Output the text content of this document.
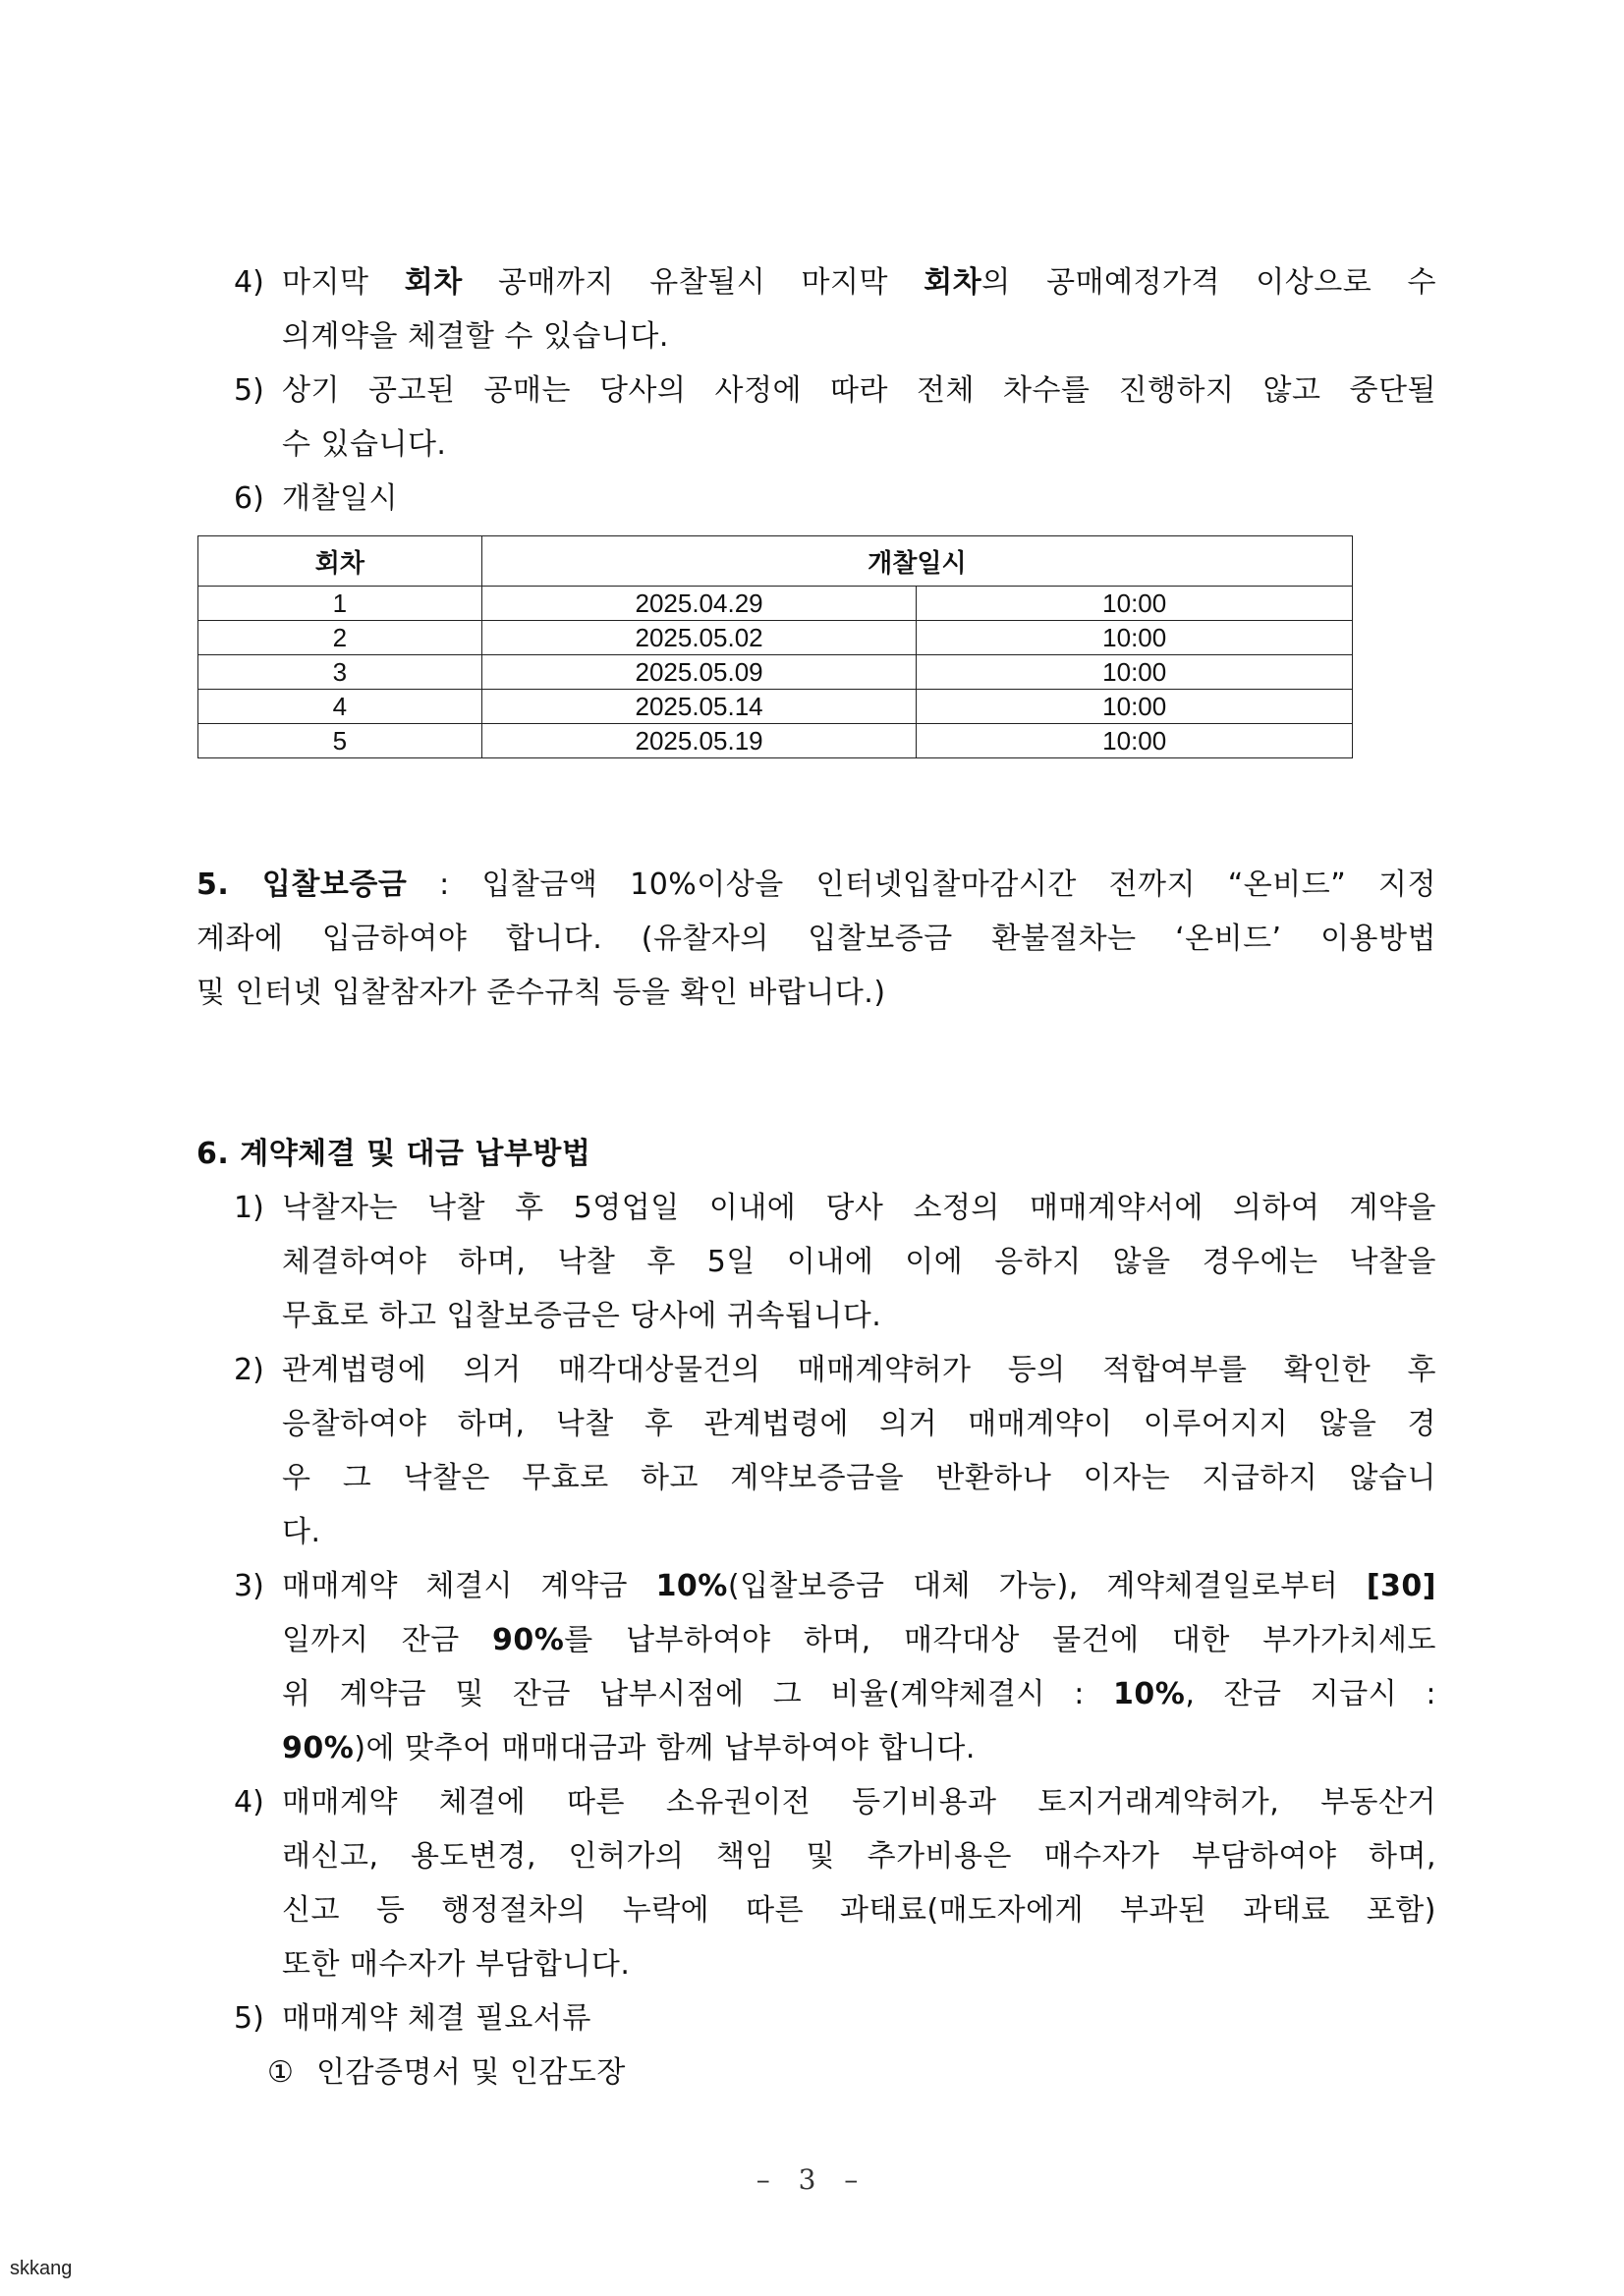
4) 마지막 회차 공매까지 유찰될시 마지막 회차의 공매예정가격 이상으로 수
의계약을 체결할 수 있습니다.
5) 상기 공고된 공매는 당사의 사정에 따라 전체 차수를 진행하지 않고 중단될
수 있습니다.
6) 개찰일시
회차	개찰일시	
1	2025.04.29	10:00
2	2025.05.02	10:00
3	2025.05.09	10:00
4	2025.05.14	10:00
5	2025.05.19	10:00
5. 입찰보증금 : 입찰금액 10%이상을 인터넷입찰마감시간 전까지 “온비드” 지정
계좌에 입금하여야 합니다. (유찰자의 입찰보증금 환불절차는 ‘온비드’ 이용방법
및 인터넷 입찰참자가 준수규칙 등을 확인 바랍니다.)
6. 계약체결 및 대금 납부방법
1) 낙찰자는 낙찰 후 5영업일 이내에 당사 소정의 매매계약서에 의하여 계약을
체결하여야 하며, 낙찰 후 5일 이내에 이에 응하지 않을 경우에는 낙찰을
무효로 하고 입찰보증금은 당사에 귀속됩니다.
2) 관계법령에 의거 매각대상물건의 매매계약허가 등의 적합여부를 확인한 후
응찰하여야 하며, 낙찰 후 관계법령에 의거 매매계약이 이루어지지 않을 경
우 그 낙찰은 무효로 하고 계약보증금을 반환하나 이자는 지급하지 않습니
다.
3) 매매계약 체결시 계약금 10%(입찰보증금 대체 가능), 계약체결일로부터 [30]
일까지 잔금 90%를 납부하여야 하며, 매각대상 물건에 대한 부가가치세도
위 계약금 및 잔금 납부시점에 그 비율(계약체결시 : 10%, 잔금 지급시 :
90%)에 맞추어 매매대금과 함께 납부하여야 합니다.
4) 매매계약 체결에 따른 소유권이전 등기비용과 토지거래계약허가, 부동산거
래신고, 용도변경, 인허가의 책임 및 추가비용은 매수자가 부담하여야 하며,
신고 등 행정절차의 누락에 따른 과태료(매도자에게 부과된 과태료 포함)
또한 매수자가 부담합니다.
5) 매매계약 체결 필요서류
① 인감증명서 및 인감도장
– 3 –
skkang
